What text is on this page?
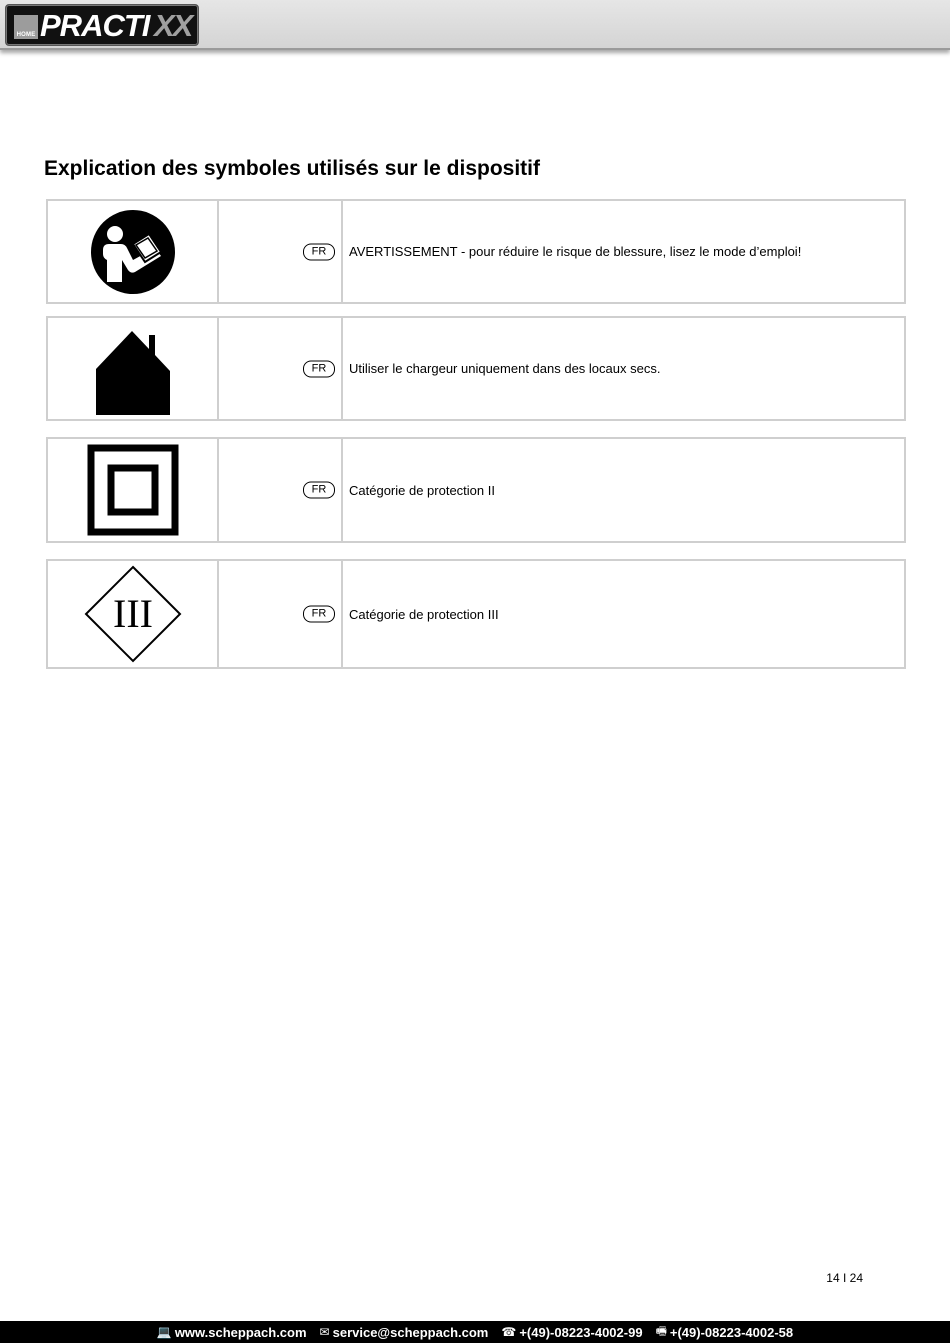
HOME PRACTI XX
Explication des symboles utilisés sur le dispositif
FR	AVERTISSEMENT - pour réduire le risque de blessure, lisez le mode d’emploi!
FR	Utiliser le chargeur uniquement dans des locaux secs.
FR	Catégorie de protection II
III	FR	Catégorie de protection III
14 I 24
💻 www.scheppach.com ✉ service@scheppach.com ☎ +(49)-08223-4002-99 🖷 +(49)-08223-4002-58
